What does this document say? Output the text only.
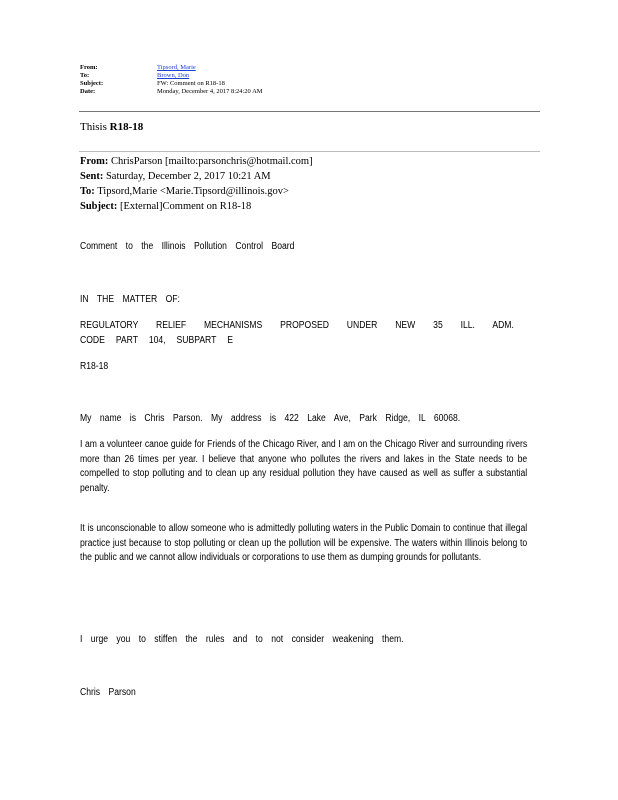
From:	Tipsord, Marie
To:	Brown, Don
Subject:	FW: Comment on R18-18
Date:	Monday, December 4, 2017 8:24:20 AM
Thisis R18-18
From: ChrisParson [mailto:parsonchris@hotmail.com]
Sent: Saturday, December 2, 2017 10:21 AM
To: Tipsord,Marie <Marie.Tipsord@illinois.gov>
Subject: [External]Comment on R18-18
Comment to the Illinois Pollution Control Board
IN THE MATTER OF:
REGULATORY RELIEF MECHANISMS PROPOSED UNDER NEW 35 ILL. ADM.
CODE PART 104, SUBPART E
R18-18
My name is Chris Parson. My address is 422 Lake Ave, Park Ridge, IL 60068.
I am a volunteer canoe guide for Friends of the Chicago River, and I am on the Chicago River and surrounding rivers more than 26 times per year. I believe that anyone who pollutes the rivers and lakes in the State needs to be compelled to stop polluting and to clean up any residual pollution they have caused as well as suffer a substantial penalty.
It is unconscionable to allow someone who is admittedly polluting waters in the Public Domain to continue that illegal practice just because to stop polluting or clean up the pollution will be expensive. The waters within Illinois belong to the public and we cannot allow individuals or corporations to use them as dumping grounds for pollutants.
I urge you to stiffen the rules and to not consider weakening them.
Chris Parson
